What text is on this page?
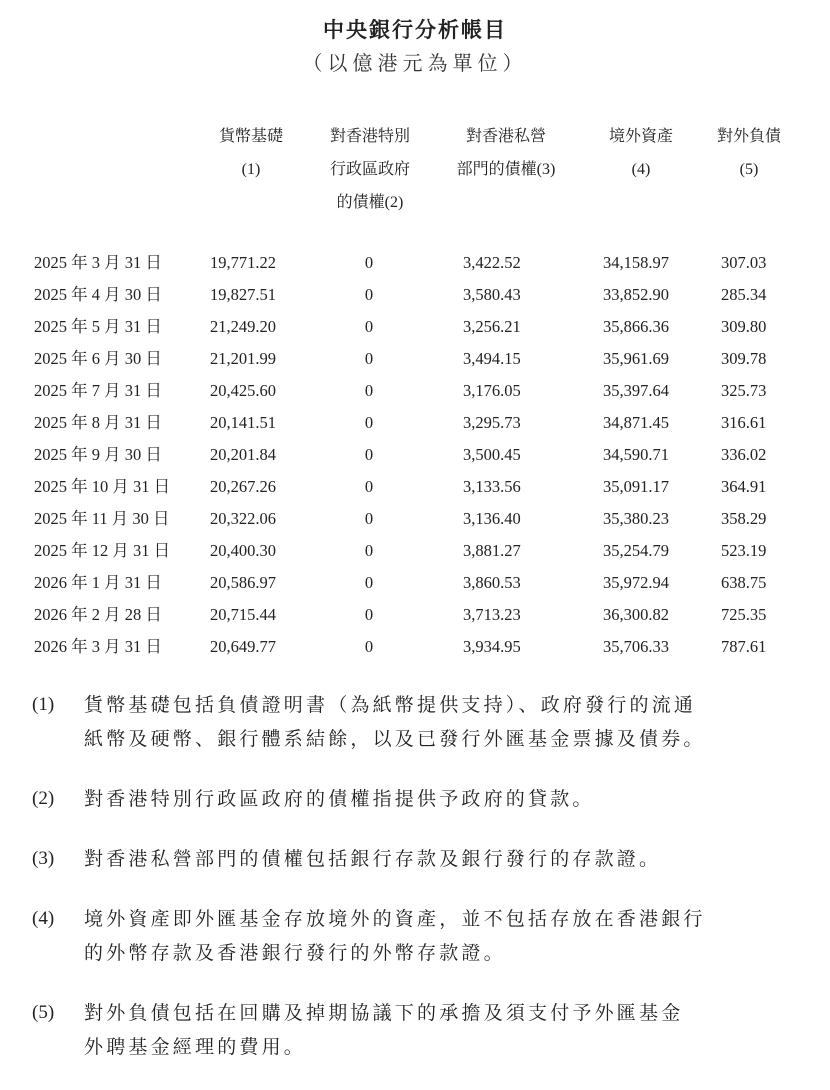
中央銀行分析帳目
（以億港元為單位）
貨幣基礎
(1)
對香港特別
行政區政府
的債權(2)
對香港私營
部門的債權(3)
境外資產
(4)
對外負債
(5)
2025 年 3 月 31 日	19,771.22	0	3,422.52	34,158.97	307.03
2025 年 4 月 30 日	19,827.51	0	3,580.43	33,852.90	285.34
2025 年 5 月 31 日	21,249.20	0	3,256.21	35,866.36	309.80
2025 年 6 月 30 日	21,201.99	0	3,494.15	35,961.69	309.78
2025 年 7 月 31 日	20,425.60	0	3,176.05	35,397.64	325.73
2025 年 8 月 31 日	20,141.51	0	3,295.73	34,871.45	316.61
2025 年 9 月 30 日	20,201.84	0	3,500.45	34,590.71	336.02
2025 年 10 月 31 日 20,267.26	0	3,133.56	35,091.17	364.91
2025 年 11 月 30 日 20,322.06	0	3,136.40	35,380.23	358.29
2025 年 12 月 31 日 20,400.30	0	3,881.27	35,254.79	523.19
2026 年 1 月 31 日	20,586.97	0	3,860.53	35,972.94	638.75
2026 年 2 月 28 日	20,715.44	0	3,713.23	36,300.82	725.35
2026 年 3 月 31 日	20,649.77	0	3,934.95	35,706.33	787.61
(1)	貨幣基礎包括負債證明書（為紙幣提供支持）、政府發行的流通
紙幣及硬幣、銀行體系結餘，以及已發行外匯基金票據及債券。
(2)	對香港特別行政區政府的債權指提供予政府的貸款。
(3)	對香港私營部門的債權包括銀行存款及銀行發行的存款證。
(4)	境外資產即外匯基金存放境外的資產，並不包括存放在香港銀行
的外幣存款及香港銀行發行的外幣存款證。
(5)	對外負債包括在回購及掉期協議下的承擔及須支付予外匯基金
外聘基金經理的費用。
